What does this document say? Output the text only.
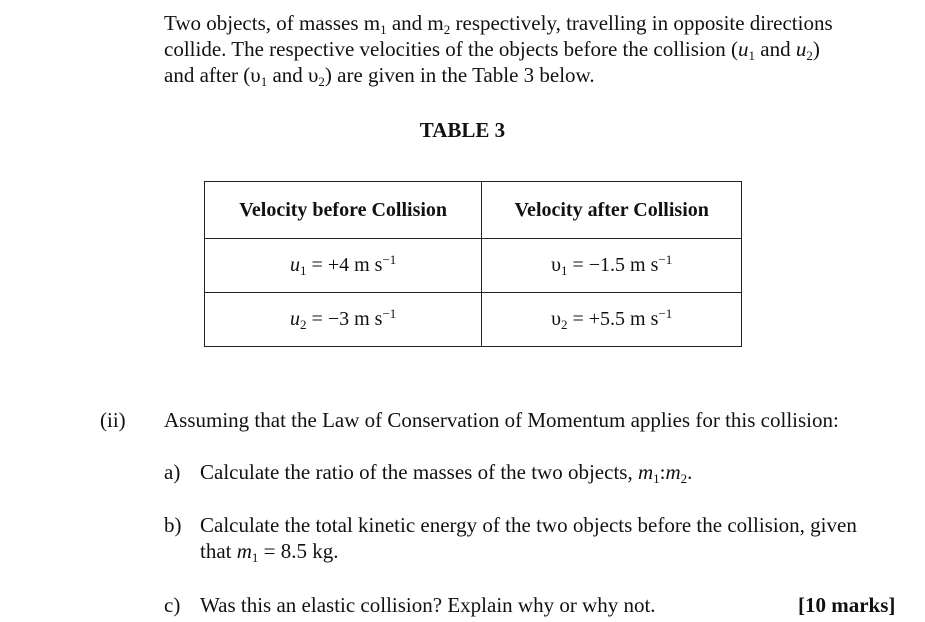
Two objects, of masses $m_1$ and $m_2$ respectively, travelling in opposite directions
collide. The respective velocities of the objects before the collision ($u_1$ and $u_2$)
and after ($\upsilon_1$ and $\upsilon_2$) are given in the Table 3 below.
TABLE 3
Velocity before Collision	Velocity after Collision
$u_1 = +4$ m $s^{-1}$	$\upsilon_1 = -1.5$ m $s^{-1}$
$u_2 = -3$ m $s^{-1}$	$\upsilon_2 = +5.5$ m $s^{-1}$
(ii) Assuming that the Law of Conservation of Momentum applies for this collision:
a) Calculate the ratio of the masses of the two objects, $m_1:m_2$.
b) Calculate the total kinetic energy of the two objects before the collision, given
that $m_1 = 8.5$ kg.
c) Was this an elastic collision? Explain why or why not.	[10 marks]
